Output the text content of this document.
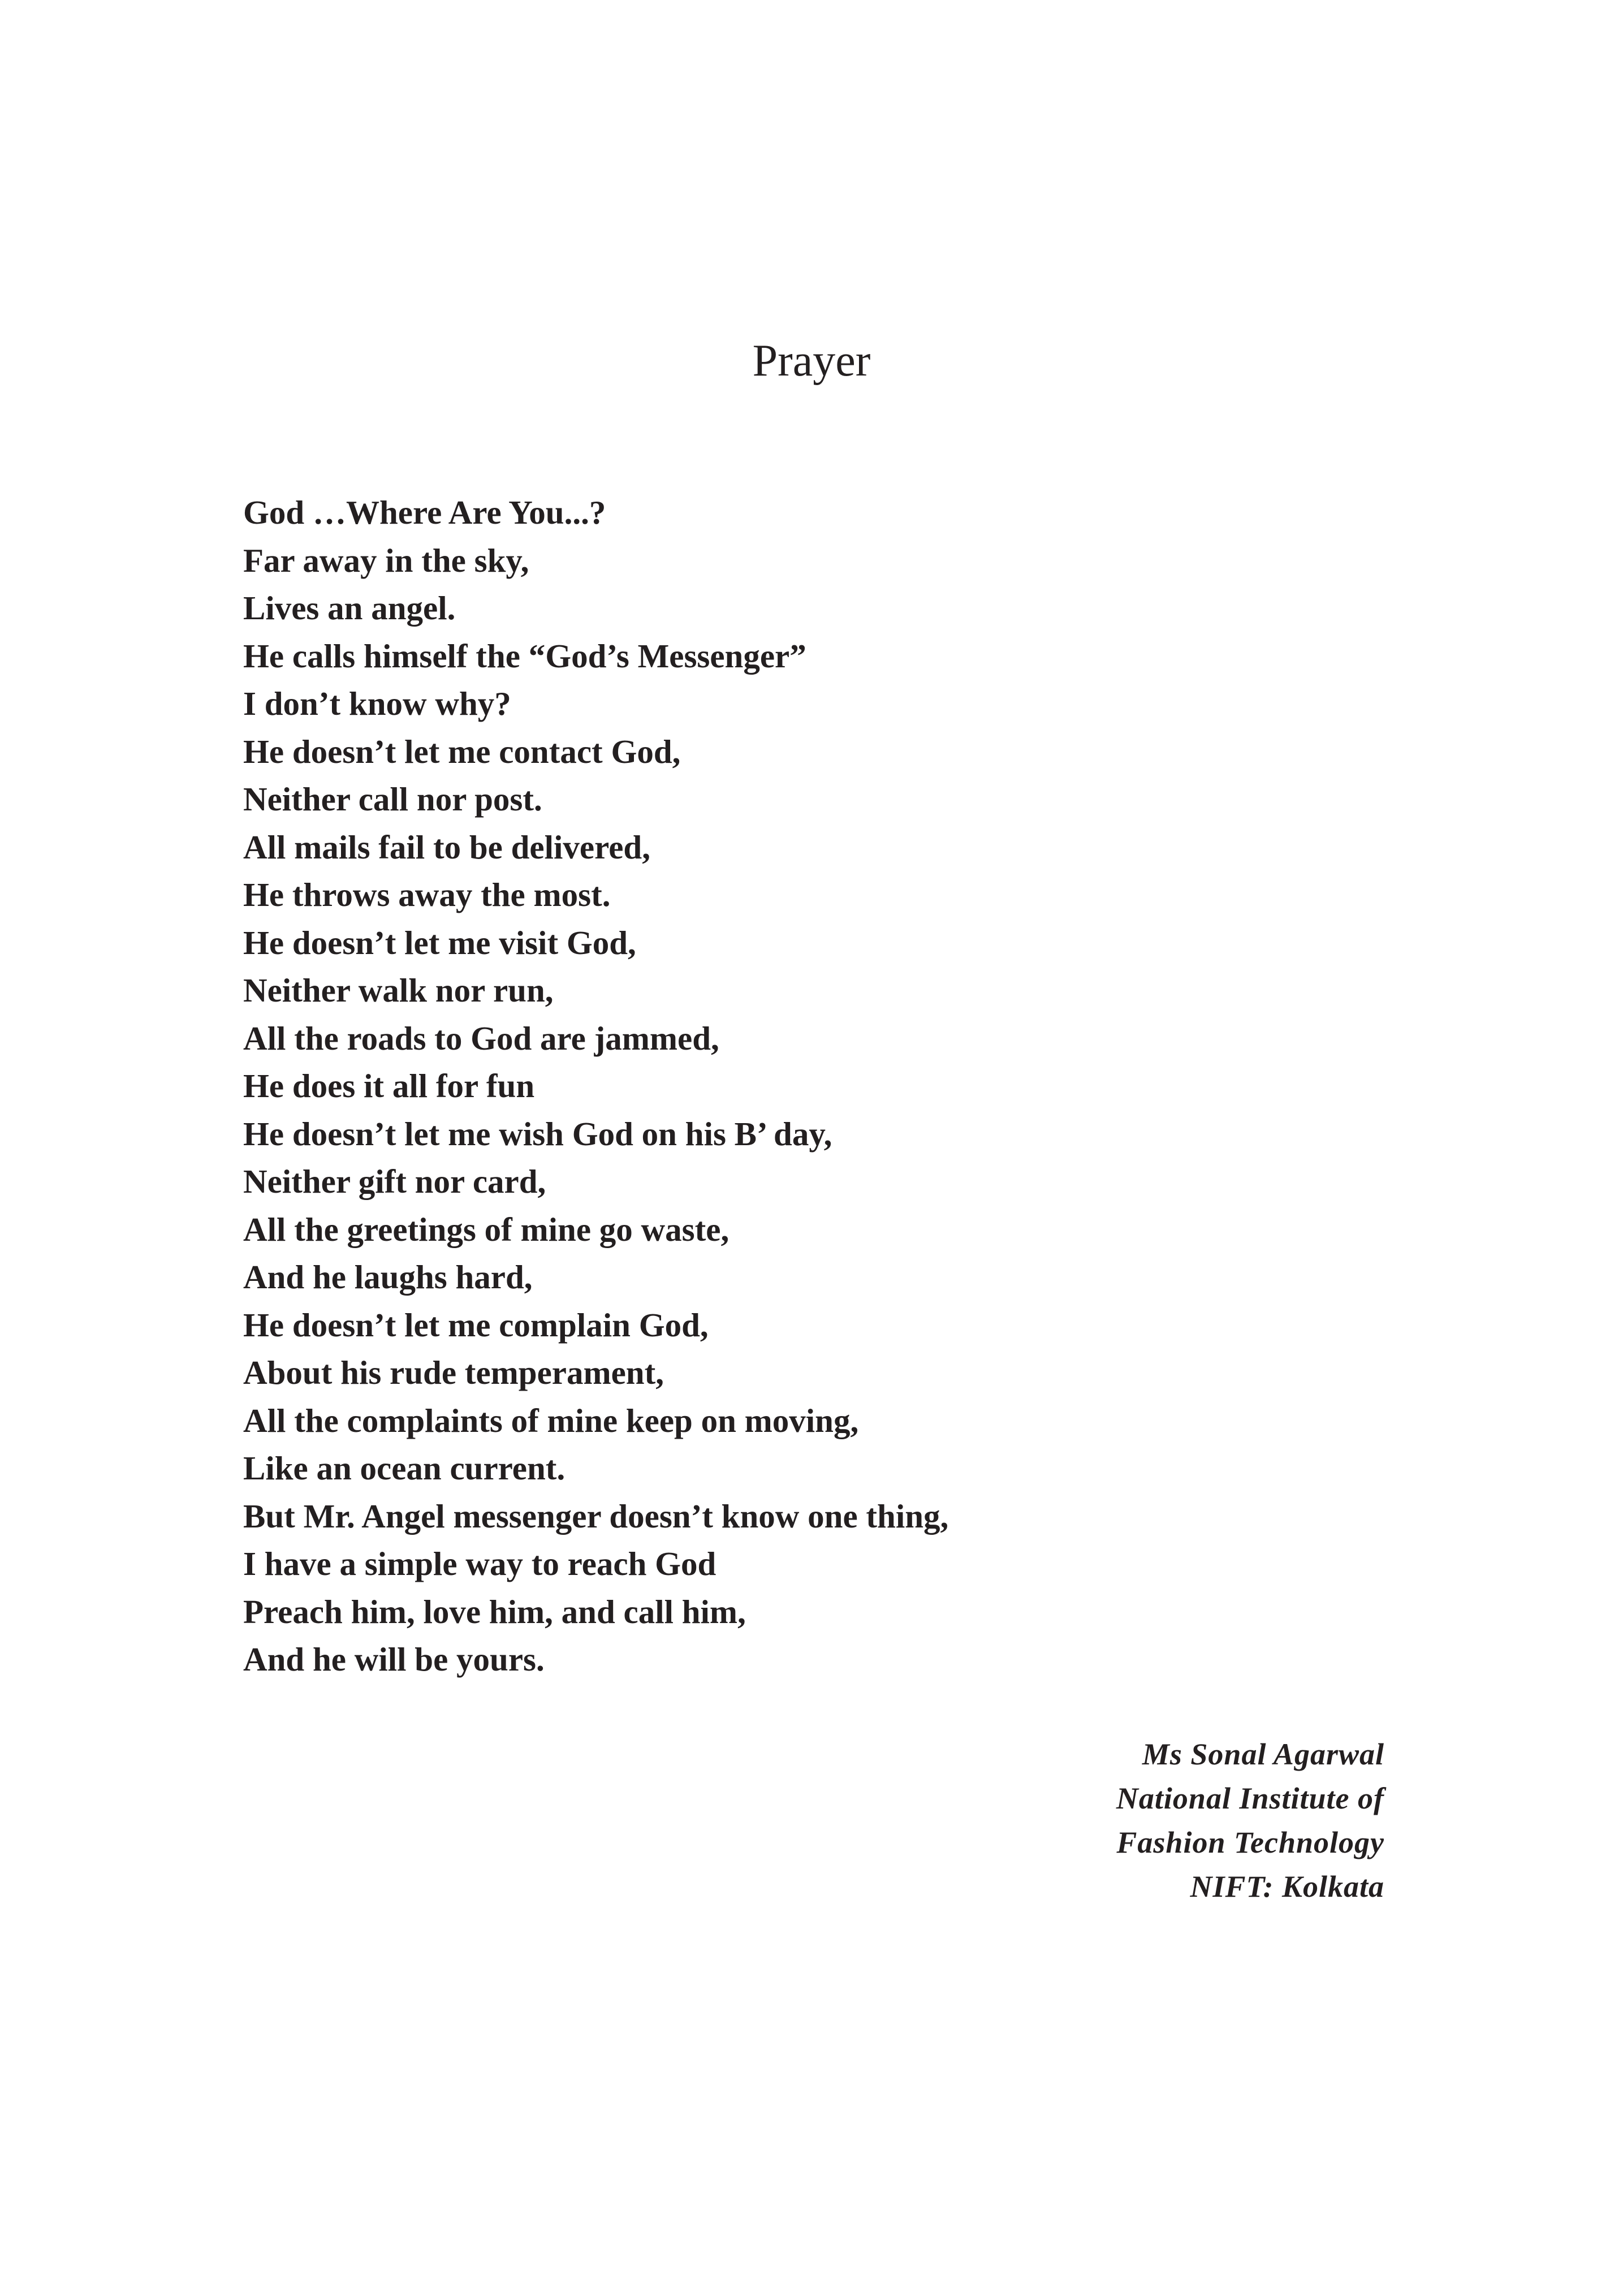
Prayer
God …Where Are You...?
Far away in the sky,
Lives an angel.
He calls himself the “God’s Messenger”
I don’t know why?
He doesn’t let me contact God,
Neither call nor post.
All mails fail to be delivered,
He throws away the most.
He doesn’t let me visit God,
Neither walk nor run,
All the roads to God are jammed,
He does it all for fun
He doesn’t let me wish God on his B’ day,
Neither gift nor card,
All the greetings of mine go waste,
And he laughs hard,
He doesn’t let me complain God,
About his rude temperament,
All the complaints of mine keep on moving,
Like an ocean current.
But Mr. Angel messenger doesn’t know one thing,
I have a simple way to reach God
Preach him, love him, and call him,
And he will be yours.
Ms Sonal Agarwal
National Institute of
Fashion Technology
NIFT: Kolkata
